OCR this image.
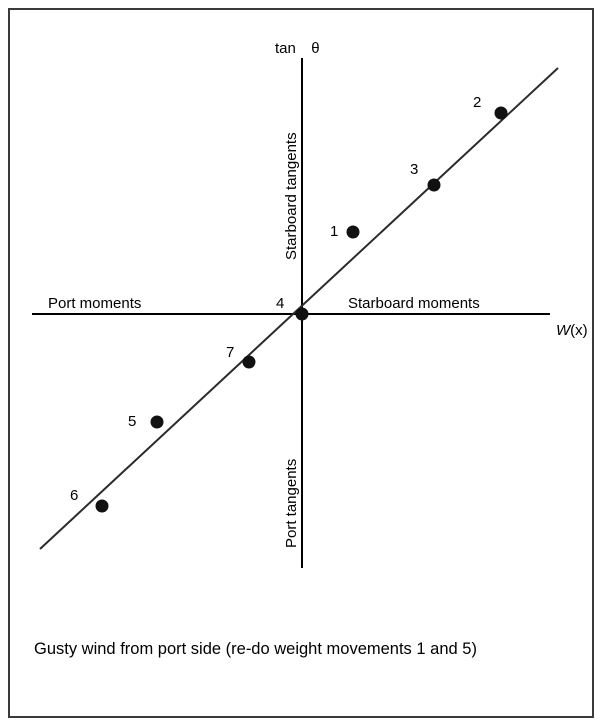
tan θ
W(x)
Port moments	Starboard moments
Starboard tangents
Port tangents
1
2
3
4
5
6
7
Gusty wind from port side (re-do weight movements 1 and 5)
